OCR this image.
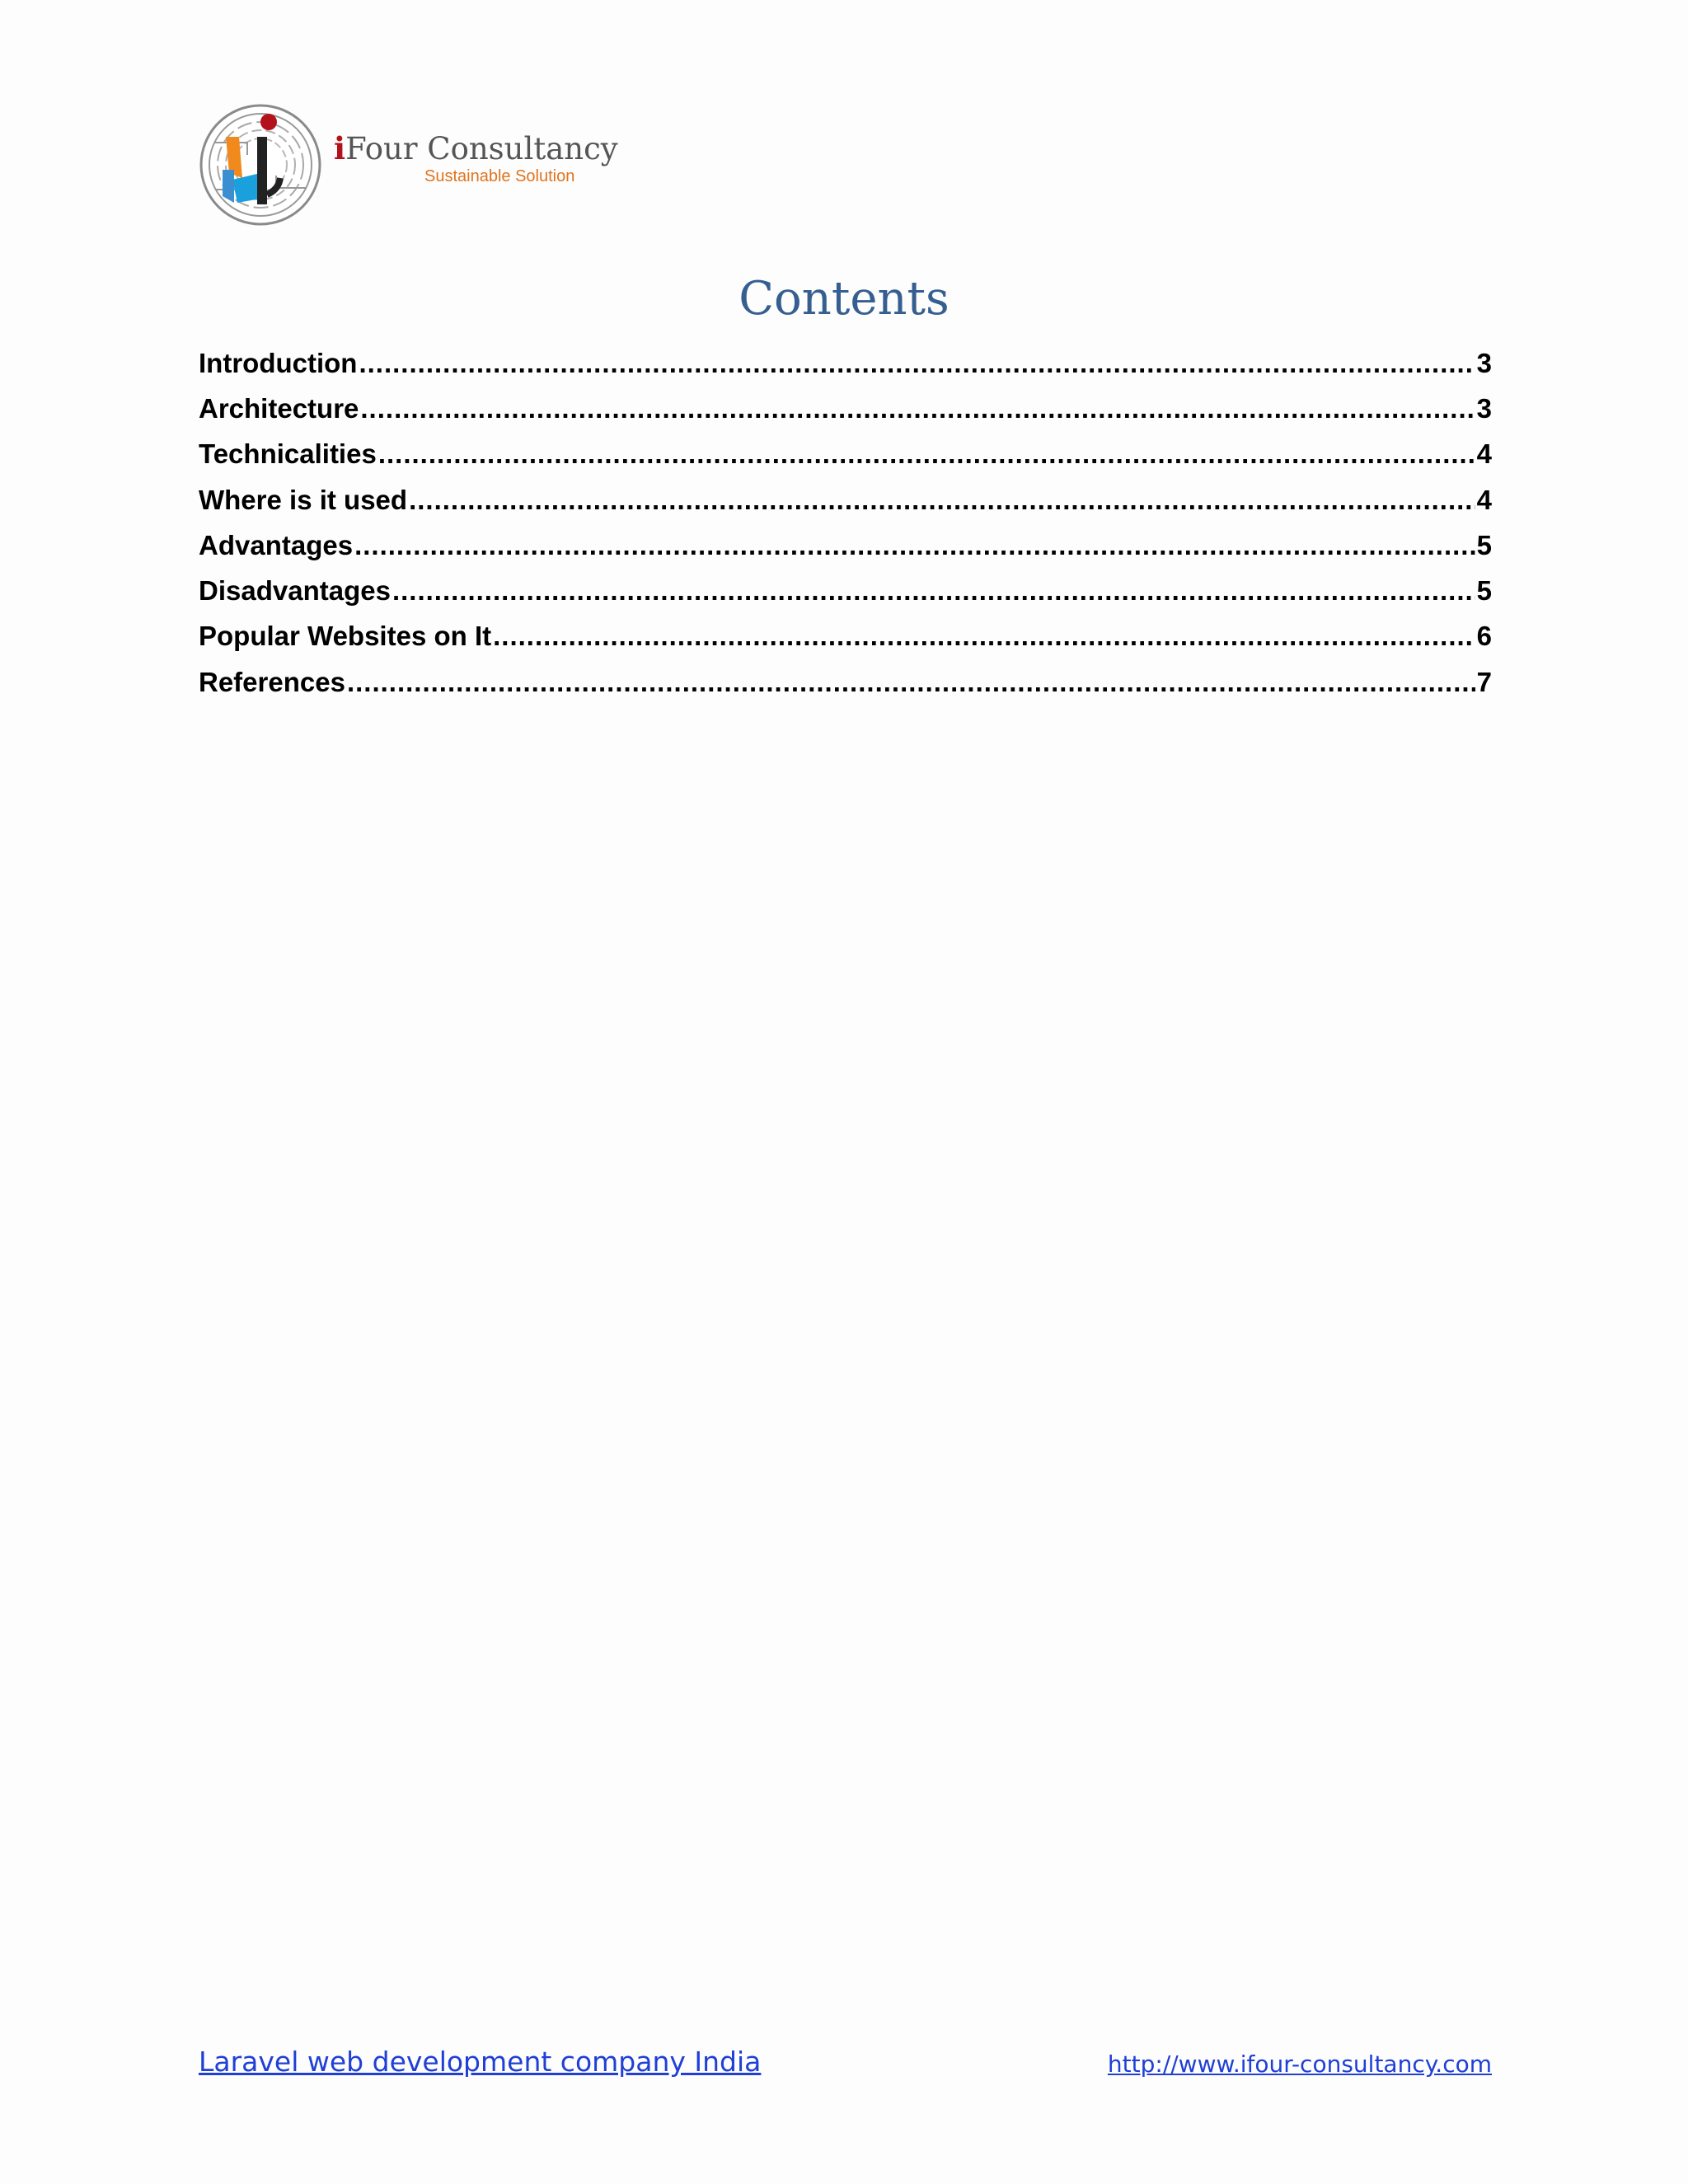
iFour Consultancy
Sustainable Solution
Contents
Introduction .....	3
Architecture .....	3
Technicalities .....	4
Where is it used .....	4
Advantages .....	5
Disadvantages .....	5
Popular Websites on It .....	6
References .....	7
Laravel web development company India	http://www.ifour-consultancy.com
